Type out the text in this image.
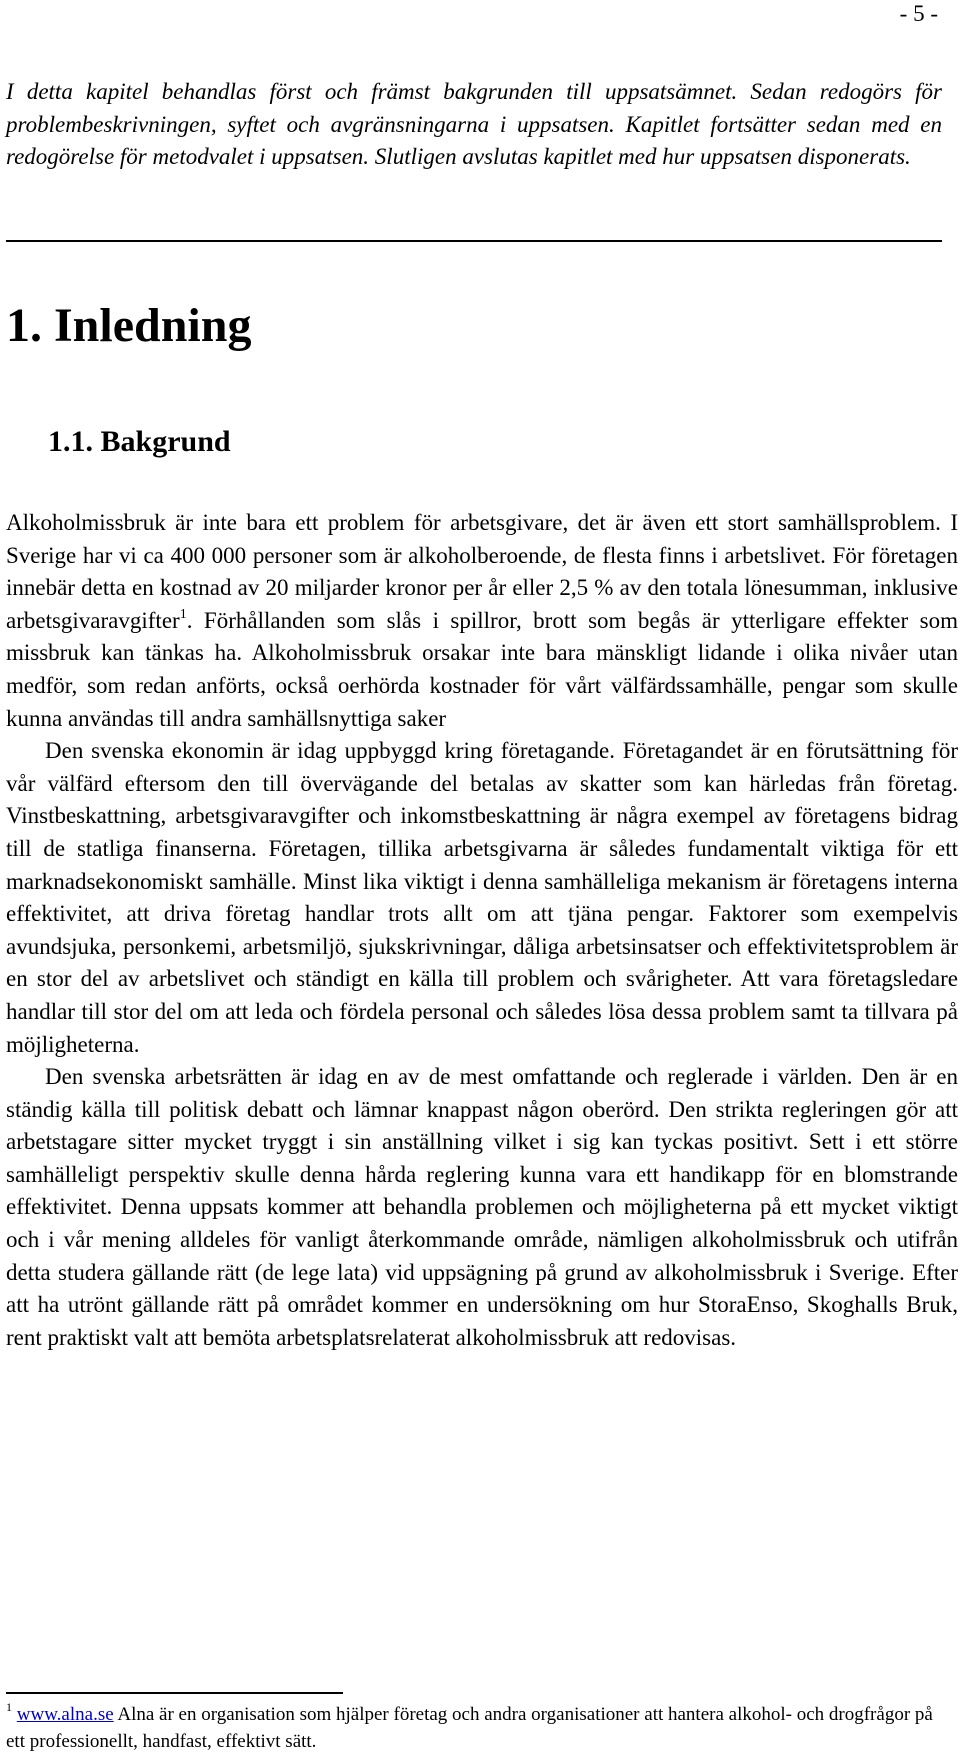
- 5 -

I detta kapitel behandlas först och främst bakgrunden till uppsatsämnet. Sedan redogörs för problembeskrivningen, syftet och avgränsningarna i uppsatsen. Kapitlet fortsätter sedan med en redogörelse för metodvalet i uppsatsen. Slutligen avslutas kapitlet med hur uppsatsen disponerats.

1. Inledning
1.1. Bakgrund

Alkoholmissbruk är inte bara ett problem för arbetsgivare, det är även ett stort samhällsproblem. I Sverige har vi ca 400 000 personer som är alkoholberoende, de flesta finns i arbetslivet. För företagen innebär detta en kostnad av 20 miljarder kronor per år eller 2,5 % av den totala lönesumman, inklusive arbetsgivaravgifter$^1$. Förhållanden som slås i spillror, brott som begås är ytterligare effekter som missbruk kan tänkas ha. Alkoholmissbruk orsakar inte bara mänskligt lidande i olika nivåer utan medför, som redan anförts, också oerhörda kostnader för vårt välfärdssamhälle, pengar som skulle kunna användas till andra samhällsnyttiga saker

Den svenska ekonomin är idag uppbyggd kring företagande. Företagandet är en förutsättning för vår välfärd eftersom den till övervägande del betalas av skatter som kan härledas från företag. Vinstbeskattning, arbetsgivaravgifter och inkomstbeskattning är några exempel av företagens bidrag till de statliga finanserna. Företagen, tillika arbetsgivarna är således fundamentalt viktiga för ett marknadsekonomiskt samhälle. Minst lika viktigt i denna samhälleliga mekanism är företagens interna effektivitet, att driva företag handlar trots allt om att tjäna pengar. Faktorer som exempelvis avundsjuka, personkemi, arbetsmiljö, sjukskrivningar, dåliga arbetsinsatser och effektivitetsproblem är en stor del av arbetslivet och ständigt en källa till problem och svårigheter. Att vara företagsledare handlar till stor del om att leda och fördela personal och således lösa dessa problem samt ta tillvara på möjligheterna.

Den svenska arbetsrätten är idag en av de mest omfattande och reglerade i världen. Den är en ständig källa till politisk debatt och lämnar knappast någon oberörd. Den strikta regleringen gör att arbetstagare sitter mycket tryggt i sin anställning vilket i sig kan tyckas positivt. Sett i ett större samhälleligt perspektiv skulle denna hårda reglering kunna vara ett handikapp för en blomstrande effektivitet. Denna uppsats kommer att behandla problemen och möjligheterna på ett mycket viktigt och i vår mening alldeles för vanligt återkommande område, nämligen alkoholmissbruk och utifrån detta studera gällande rätt (de lege lata) vid uppsägning på grund av alkoholmissbruk i Sverige. Efter att ha utrönt gällande rätt på området kommer en undersökning om hur StoraEnso, Skoghalls Bruk, rent praktiskt valt att bemöta arbetsplatsrelaterat alkoholmissbruk att redovisas.

$^1$ www.alna.se Alna är en organisation som hjälper företag och andra organisationer att hantera alkohol- och drogfrågor på ett professionellt, handfast, effektivt sätt.
